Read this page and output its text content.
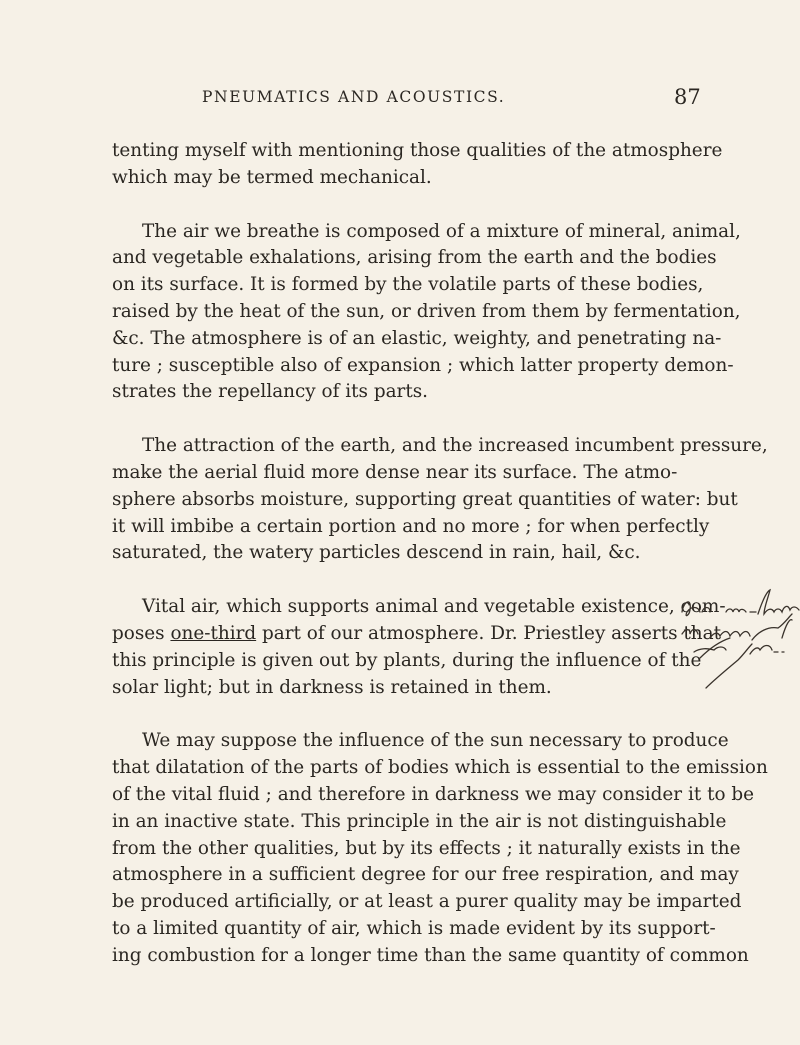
PNEUMATICS AND ACOUSTICS.	87

tenting myself with mentioning those qualities of the atmosphere
which may be termed mechanical.

The air we breathe is composed of a mixture of mineral, animal,
and vegetable exhalations, arising from the earth and the bodies
on its surface. It is formed by the volatile parts of these bodies,
raised by the heat of the sun, or driven from them by fermentation,
&c. The atmosphere is of an elastic, weighty, and penetrating na-
ture ; susceptible also of expansion ; which latter property demon-
strates the repellancy of its parts.

The attraction of the earth, and the increased incumbent pressure,
make the aerial fluid more dense near its surface. The atmo-
sphere absorbs moisture, supporting great quantities of water: but
it will imbibe a certain portion and no more ; for when perfectly
saturated, the watery particles descend in rain, hail, &c.

Vital air, which supports animal and vegetable existence, com-
poses one-third part of our atmosphere. Dr. Priestley asserts that
this principle is given out by plants, during the influence of the
solar light; but in darkness is retained in them.

We may suppose the influence of the sun necessary to produce
that dilatation of the parts of bodies which is essential to the emission
of the vital fluid ; and therefore in darkness we may consider it to be
in an inactive state. This principle in the air is not distinguishable
from the other qualities, but by its effects ; it naturally exists in the
atmosphere in a sufficient degree for our free respiration, and may
be produced artificially, or at least a purer quality may be imparted
to a limited quantity of air, which is made evident by its support-
ing combustion for a longer time than the same quantity of common
